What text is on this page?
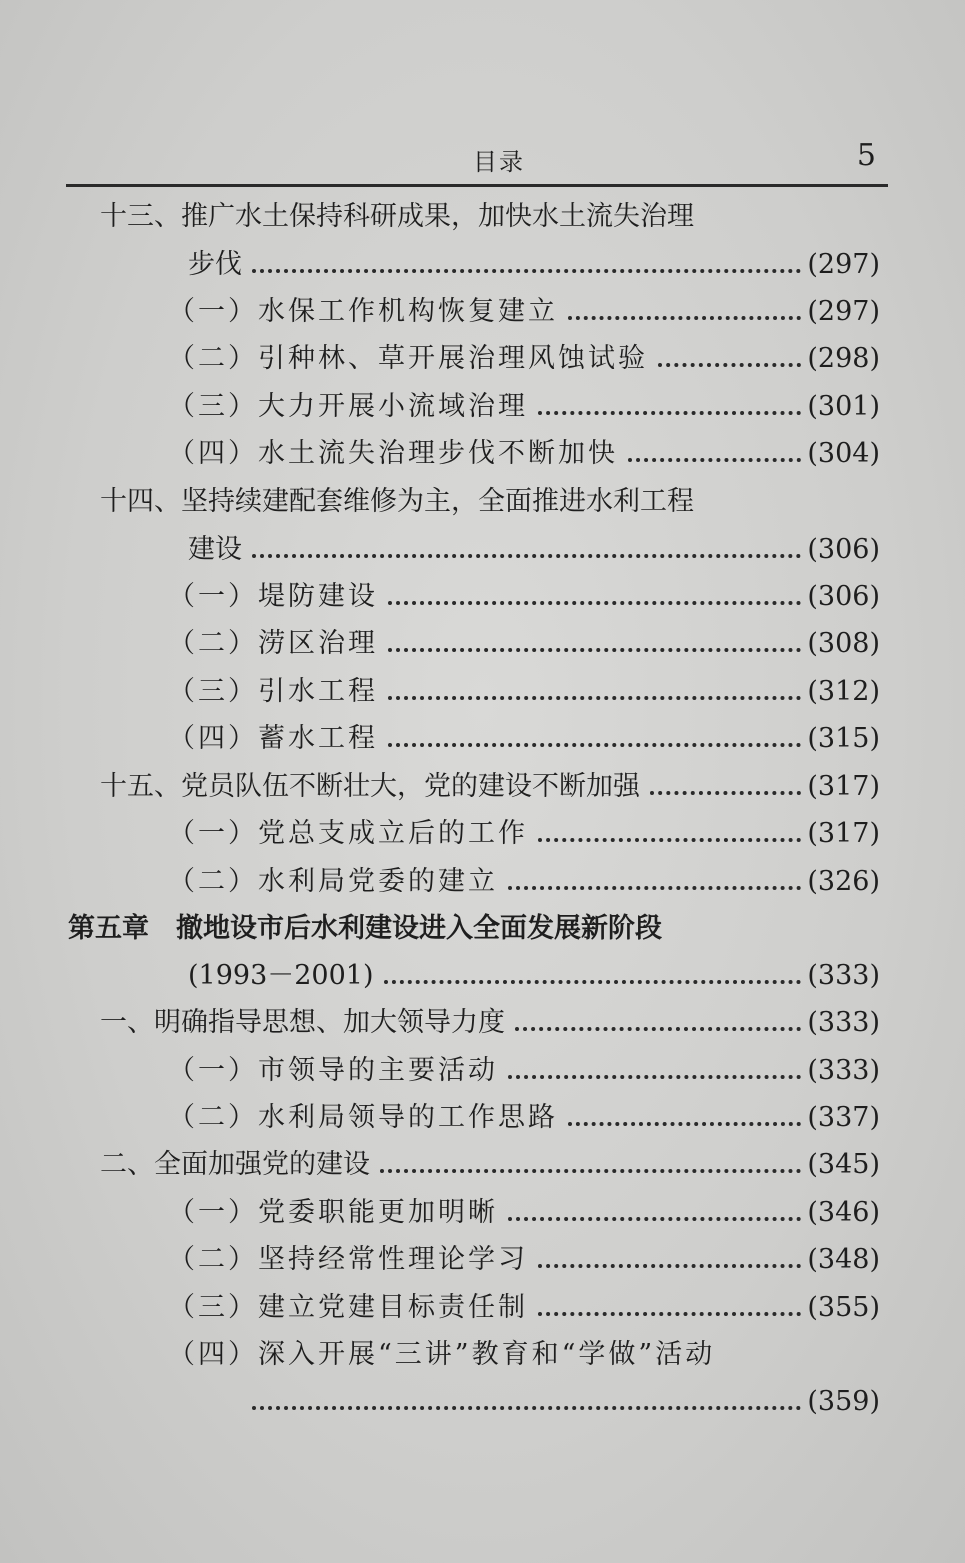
目录	5
十三、推广水土保持科研成果，加快水土流失治理
步伐	(297)
（一）水保工作机构恢复建立	(297)
（二）引种林、草开展治理风蚀试验	(298)
（三）大力开展小流域治理	(301)
（四）水土流失治理步伐不断加快	(304)
十四、坚持续建配套维修为主，全面推进水利工程
建设	(306)
（一）堤防建设	(306)
（二）涝区治理	(308)
（三）引水工程	(312)
（四）蓄水工程	(315)
十五、党员队伍不断壮大，党的建设不断加强	(317)
（一）党总支成立后的工作	(317)
（二）水利局党委的建立	(326)
第五章　撤地设市后水利建设进入全面发展新阶段
(1993－2001)	(333)
一、明确指导思想、加大领导力度	(333)
（一）市领导的主要活动	(333)
（二）水利局领导的工作思路	(337)
二、全面加强党的建设	(345)
（一）党委职能更加明晰	(346)
（二）坚持经常性理论学习	(348)
（三）建立党建目标责任制	(355)
（四）深入开展“三讲”教育和“学做”活动
(359)
